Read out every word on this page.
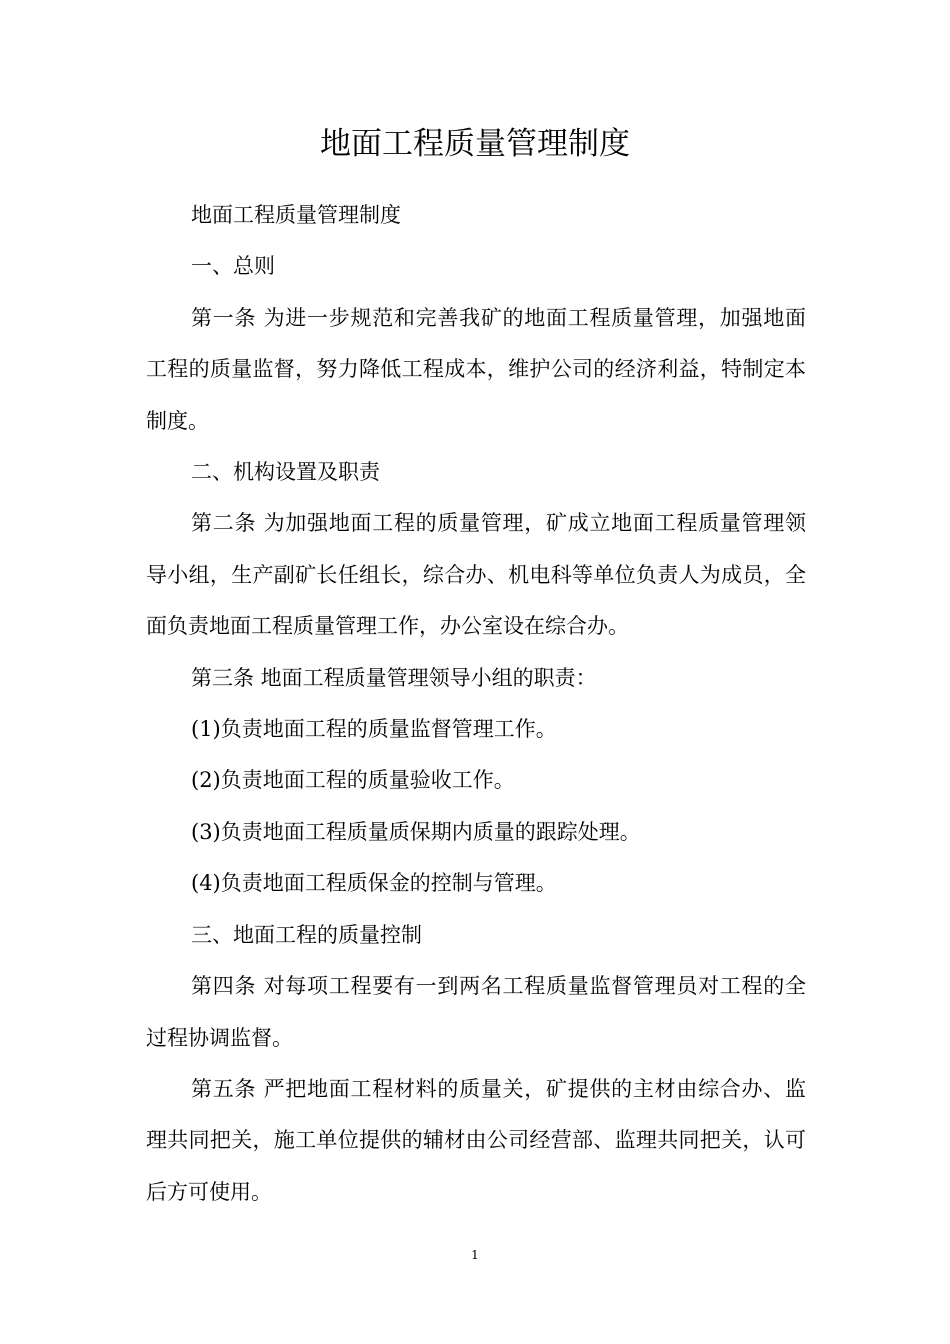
地面工程质量管理制度

地面工程质量管理制度

一、总则

第一条 为进一步规范和完善我矿的地面工程质量管理，加强地面工程的质量监督，努力降低工程成本，维护公司的经济利益，特制定本制度。

二、机构设置及职责

第二条 为加强地面工程的质量管理，矿成立地面工程质量管理领导小组，生产副矿长任组长，综合办、机电科等单位负责人为成员，全面负责地面工程质量管理工作，办公室设在综合办。

第三条 地面工程质量管理领导小组的职责：

(1)负责地面工程的质量监督管理工作。

(2)负责地面工程的质量验收工作。

(3)负责地面工程质量质保期内质量的跟踪处理。

(4)负责地面工程质保金的控制与管理。

三、地面工程的质量控制

第四条 对每项工程要有一到两名工程质量监督管理员对工程的全过程协调监督。

第五条 严把地面工程材料的质量关，矿提供的主材由综合办、监理共同把关，施工单位提供的辅材由公司经营部、监理共同把关，认可后方可使用。

1
